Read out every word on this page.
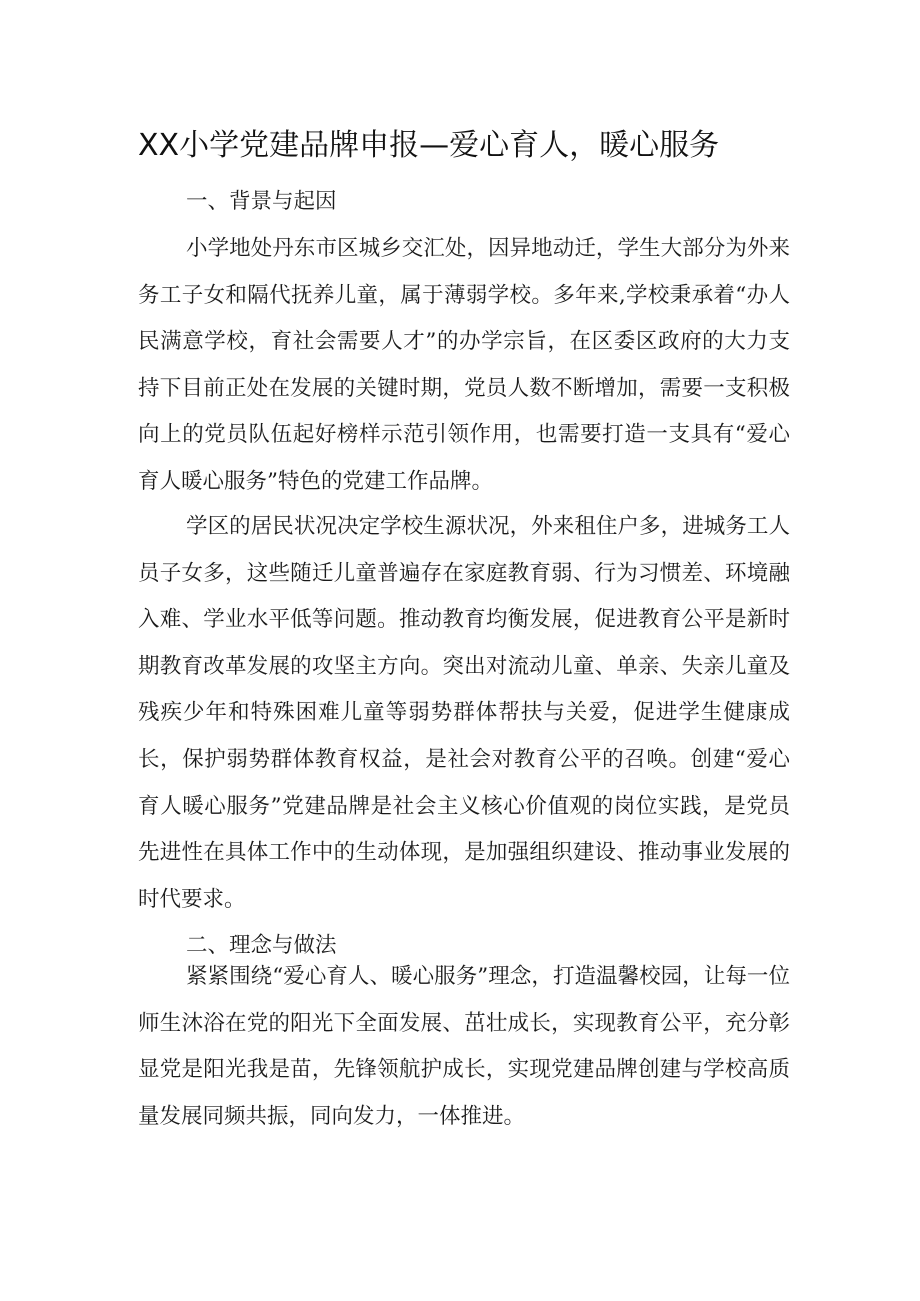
XX小学党建品牌申报—爱心育人，暖心服务

一、背景与起因

小学地处丹东市区城乡交汇处，因异地动迁，学生大部分为外来务工子女和隔代抚养儿童，属于薄弱学校。多年来,学校秉承着“办人民满意学校，育社会需要人才”的办学宗旨，在区委区政府的大力支持下目前正处在发展的关键时期，党员人数不断增加，需要一支积极向上的党员队伍起好榜样示范引领作用，也需要打造一支具有“爱心育人暖心服务”特色的党建工作品牌。

学区的居民状况决定学校生源状况，外来租住户多，进城务工人员子女多，这些随迁儿童普遍存在家庭教育弱、行为习惯差、环境融入难、学业水平低等问题。推动教育均衡发展，促进教育公平是新时期教育改革发展的攻坚主方向。突出对流动儿童、单亲、失亲儿童及残疾少年和特殊困难儿童等弱势群体帮扶与关爱，促进学生健康成长，保护弱势群体教育权益，是社会对教育公平的召唤。创建“爱心育人暖心服务”党建品牌是社会主义核心价值观的岗位实践，是党员先进性在具体工作中的生动体现，是加强组织建设、推动事业发展的时代要求。

二、理念与做法

紧紧围绕“爱心育人、暖心服务”理念，打造温馨校园，让每一位师生沐浴在党的阳光下全面发展、茁壮成长，实现教育公平，充分彰显党是阳光我是苗，先锋领航护成长，实现党建品牌创建与学校高质量发展同频共振，同向发力，一体推进。
